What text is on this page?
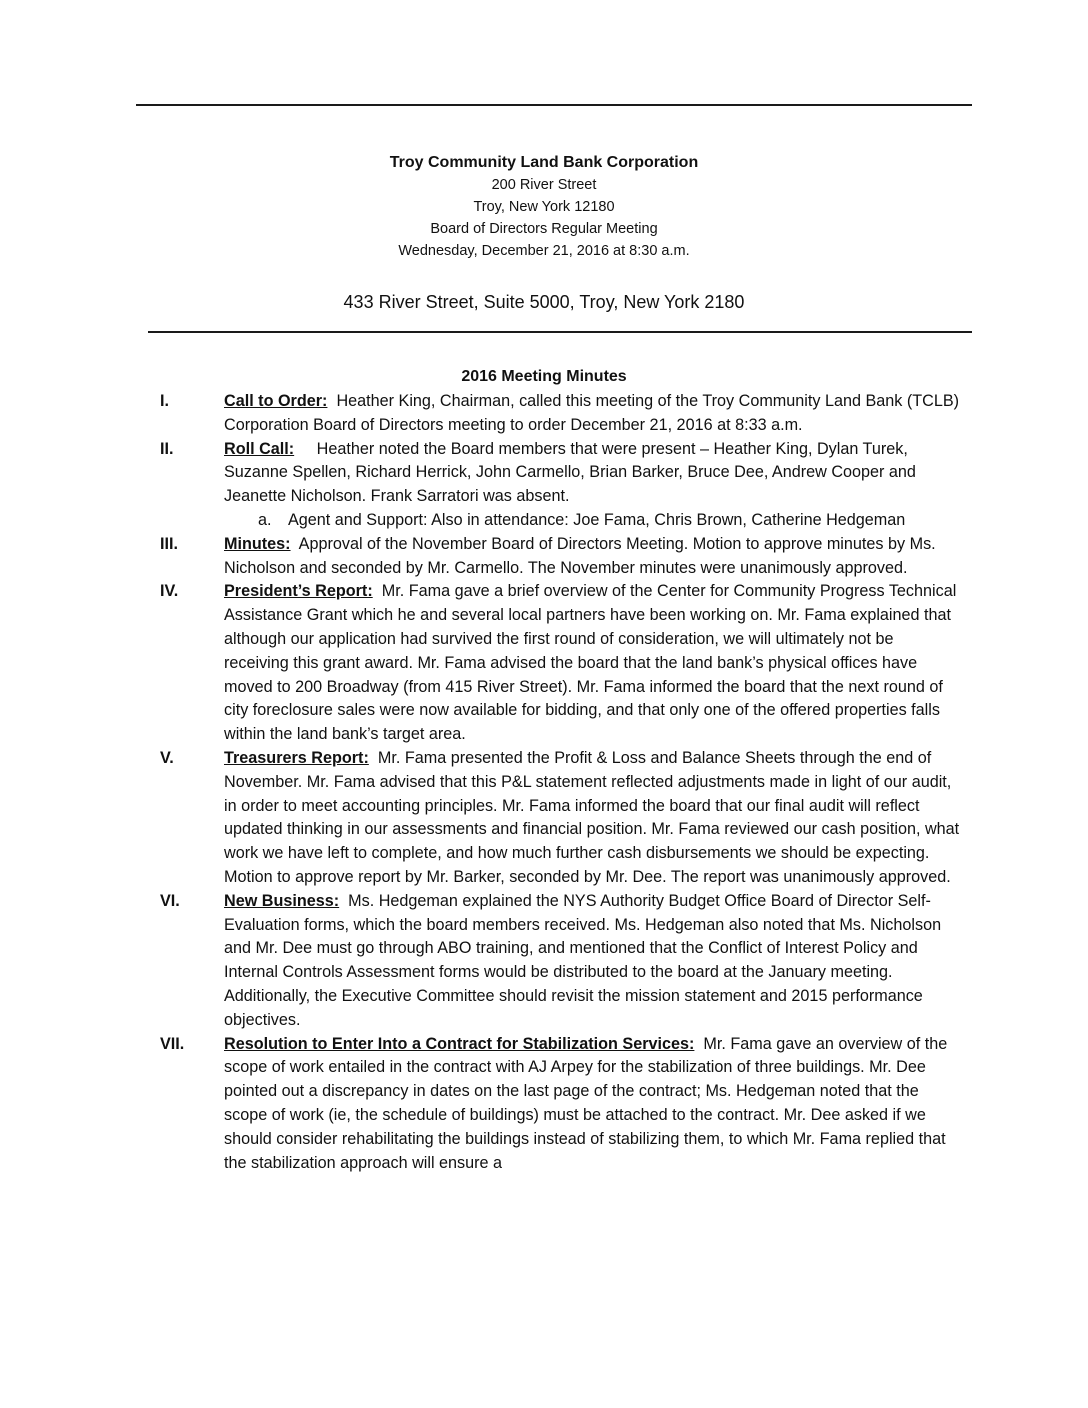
Troy Community Land Bank Corporation
200 River Street
Troy, New York 12180
Board of Directors Regular Meeting
Wednesday, December 21, 2016 at 8:30 a.m.
433 River Street, Suite 5000, Troy, New York 2180
2016 Meeting Minutes
I.	Call to Order: Heather King, Chairman, called this meeting of the Troy Community Land Bank (TCLB) Corporation Board of Directors meeting to order December 21, 2016 at 8:33 a.m.
II.	Roll Call: Heather noted the Board members that were present – Heather King, Dylan Turek, Suzanne Spellen, Richard Herrick, John Carmello, Brian Barker, Bruce Dee, Andrew Cooper and Jeanette Nicholson. Frank Sarratori was absent.
a. Agent and Support: Also in attendance: Joe Fama, Chris Brown, Catherine Hedgeman
III.	Minutes: Approval of the November Board of Directors Meeting. Motion to approve minutes by Ms. Nicholson and seconded by Mr. Carmello. The November minutes were unanimously approved.
IV.	President’s Report: Mr. Fama gave a brief overview of the Center for Community Progress Technical Assistance Grant which he and several local partners have been working on. Mr. Fama explained that although our application had survived the first round of consideration, we will ultimately not be receiving this grant award. Mr. Fama advised the board that the land bank’s physical offices have moved to 200 Broadway (from 415 River Street). Mr. Fama informed the board that the next round of city foreclosure sales were now available for bidding, and that only one of the offered properties falls within the land bank’s target area.
V.	Treasurers Report: Mr. Fama presented the Profit & Loss and Balance Sheets through the end of November. Mr. Fama advised that this P&L statement reflected adjustments made in light of our audit, in order to meet accounting principles. Mr. Fama informed the board that our final audit will reflect updated thinking in our assessments and financial position. Mr. Fama reviewed our cash position, what work we have left to complete, and how much further cash disbursements we should be expecting. Motion to approve report by Mr. Barker, seconded by Mr. Dee. The report was unanimously approved.
VI.	New Business: Ms. Hedgeman explained the NYS Authority Budget Office Board of Director Self-Evaluation forms, which the board members received. Ms. Hedgeman also noted that Ms. Nicholson and Mr. Dee must go through ABO training, and mentioned that the Conflict of Interest Policy and Internal Controls Assessment forms would be distributed to the board at the January meeting. Additionally, the Executive Committee should revisit the mission statement and 2015 performance objectives.
VII. Resolution to Enter Into a Contract for Stabilization Services: Mr. Fama gave an overview of the scope of work entailed in the contract with AJ Arpey for the stabilization of three buildings. Mr. Dee pointed out a discrepancy in dates on the last page of the contract; Ms. Hedgeman noted that the scope of work (ie, the schedule of buildings) must be attached to the contract. Mr. Dee asked if we should consider rehabilitating the buildings instead of stabilizing them, to which Mr. Fama replied that the stabilization approach will ensure a
